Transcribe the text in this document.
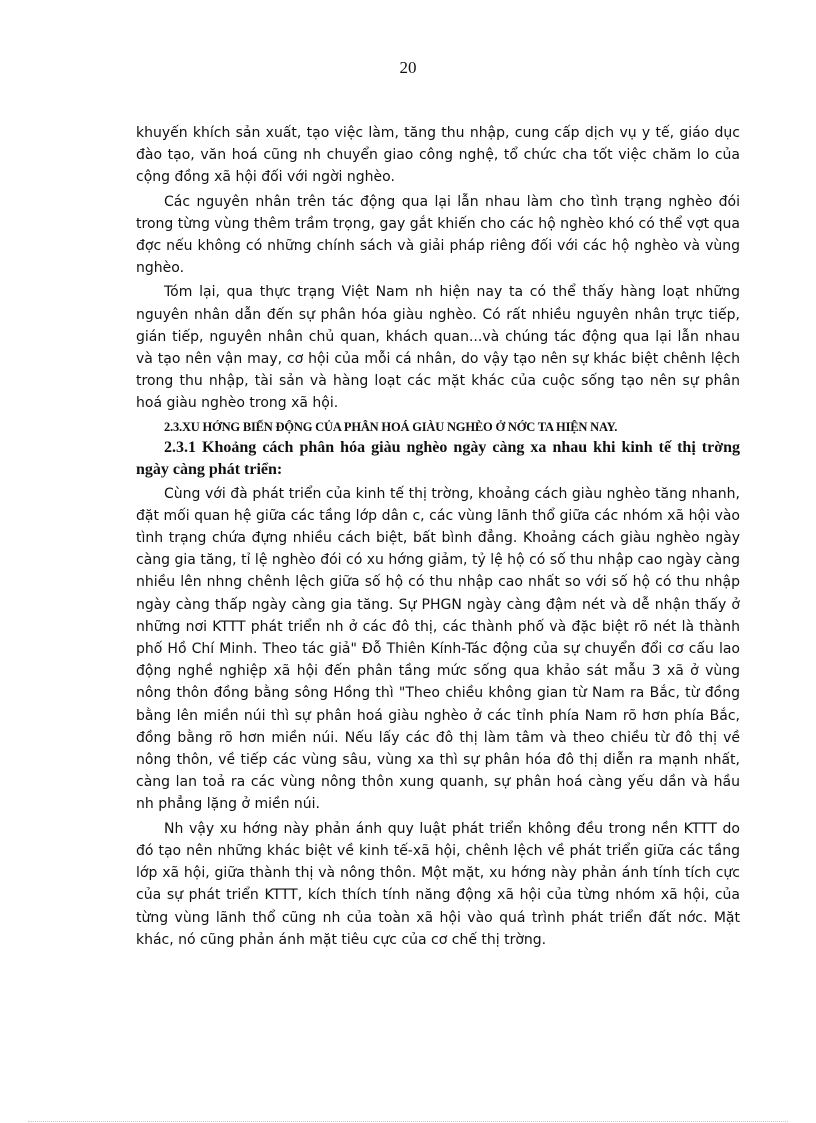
20

khuyến khích sản xuất, tạo việc làm, tăng thu nhập, cung cấp dịch vụ y tế, giáo dục đào tạo, văn hoá cũng nh chuyển giao công nghệ, tổ chức cha tốt việc chăm lo của cộng đồng xã hội đối với ngời nghèo.

Các nguyên nhân trên tác động qua lại lẫn nhau làm cho tình trạng nghèo đói trong từng vùng thêm trầm trọng, gay gắt khiến cho các hộ nghèo khó có thể vợt qua đợc nếu không có những chính sách và giải pháp riêng đối với các hộ nghèo và vùng nghèo.

Tóm lại, qua thực trạng Việt Nam nh hiện nay ta có thể thấy hàng loạt những nguyên nhân dẫn đến sự phân hóa giàu nghèo. Có rất nhiều nguyên nhân trực tiếp, gián tiếp, nguyên nhân chủ quan, khách quan...và chúng tác động qua lại lẫn nhau và tạo nên vận may, cơ hội của mỗi cá nhân, do vậy tạo nên sự khác biệt chênh lệch trong thu nhập, tài sản và hàng loạt các mặt khác của cuộc sống tạo nên sự phân hoá giàu nghèo trong xã hội.

2.3.XU HỚNG BIẾN ĐỘNG CỦA PHÂN HOÁ GIÀU NGHÈO Ở NỚC TA HIỆN NAY.
2.3.1 Khoảng cách phân hóa giàu nghèo ngày càng xa nhau khi kinh tế thị trờng ngày càng phát triển:

Cùng với đà phát triển của kinh tế thị trờng, khoảng cách giàu nghèo tăng nhanh, đặt mối quan hệ giữa các tầng lớp dân c, các vùng lãnh thổ giữa các nhóm xã hội vào tình trạng chứa đựng nhiều cách biệt, bất bình đẳng. Khoảng cách giàu nghèo ngày càng gia tăng, tỉ lệ nghèo đói có xu hớng giảm, tỷ lệ hộ có số thu nhập cao ngày càng nhiều lên nhng chênh lệch giữa số hộ có thu nhập cao nhất so với số hộ có thu nhập ngày càng thấp ngày càng gia tăng. Sự PHGN ngày càng đậm nét và dễ nhận thấy ở những nơi KTTT phát triển nh ở các đô thị, các thành phố và đặc biệt rõ nét là thành phố Hồ Chí Minh. Theo tác giả" Đỗ Thiên Kính-Tác động của sự chuyển đổi cơ cấu lao động nghề nghiệp xã hội đến phân tầng mức sống qua khảo sát mẫu 3 xã ở vùng nông thôn đồng bằng sông Hồng thì "Theo chiều không gian từ Nam ra Bắc, từ đồng bằng lên miền núi thì sự phân hoá giàu nghèo ở các tỉnh phía Nam rõ hơn phía Bắc, đồng bằng rõ hơn miền núi. Nếu lấy các đô thị làm tâm và theo chiều từ đô thị về nông thôn, về tiếp các vùng sâu, vùng xa thì sự phân hóa đô thị diễn ra mạnh nhất, càng lan toả ra các vùng nông thôn xung quanh, sự phân hoá càng yếu dần và hầu nh phẳng lặng ở miền núi.

Nh vậy xu hớng này phản ánh quy luật phát triển không đều trong nền KTTT do đó tạo nên những khác biệt về kinh tế-xã hội, chênh lệch về phát triển giữa các tầng lớp xã hội, giữa thành thị và nông thôn. Một mặt, xu hớng này phản ánh tính tích cực của sự phát triển KTTT, kích thích tính năng động xã hội của từng nhóm xã hội, của từng vùng lãnh thổ cũng nh của toàn xã hội vào quá trình phát triển đất nớc. Mặt khác, nó cũng phản ánh mặt tiêu cực của cơ chế thị trờng.
